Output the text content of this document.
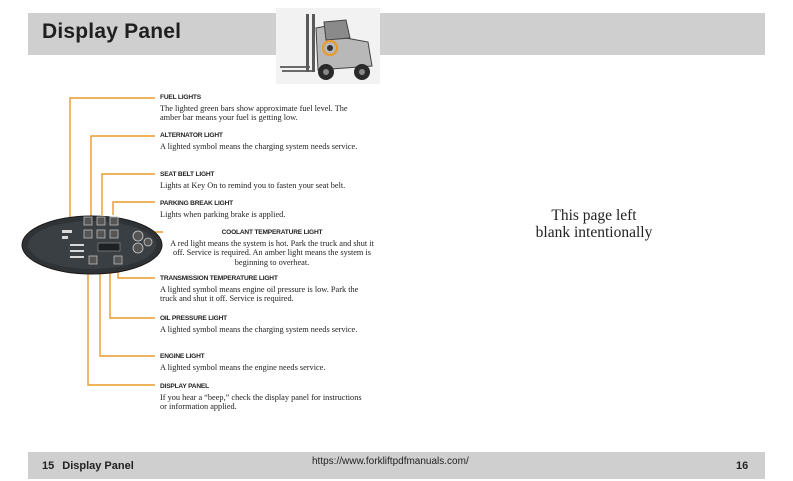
Display Panel
FUEL LIGHTS
The lighted green bars show approximate fuel level. The amber bar means your fuel is getting low.
ALTERNATOR LIGHT
A lighted symbol means the charging system needs service.
SEAT BELT LIGHT
Lights at Key On to remind you to fasten your seat belt.
PARKING BREAK LIGHT
Lights when parking brake is applied.
COOLANT TEMPERATURE LIGHT
A red light means the system is hot. Park the truck and shut it off. Service is required. An amber light means the system is beginning to overheat.
TRANSMISSION TEMPERATURE LIGHT
A lighted symbol means engine oil pressure is low. Park the truck and shut it off. Service is required.
OIL PRESSURE LIGHT
A lighted symbol means the charging system needs service.
ENGINE LIGHT
A lighted symbol means the engine needs service.
DISPLAY PANEL
If you hear a “beep,” check the display panel for instructions or information applied.
This page left blank intentionally
15 Display Panel	https://www.forkliftpdfmanuals.com/	16
